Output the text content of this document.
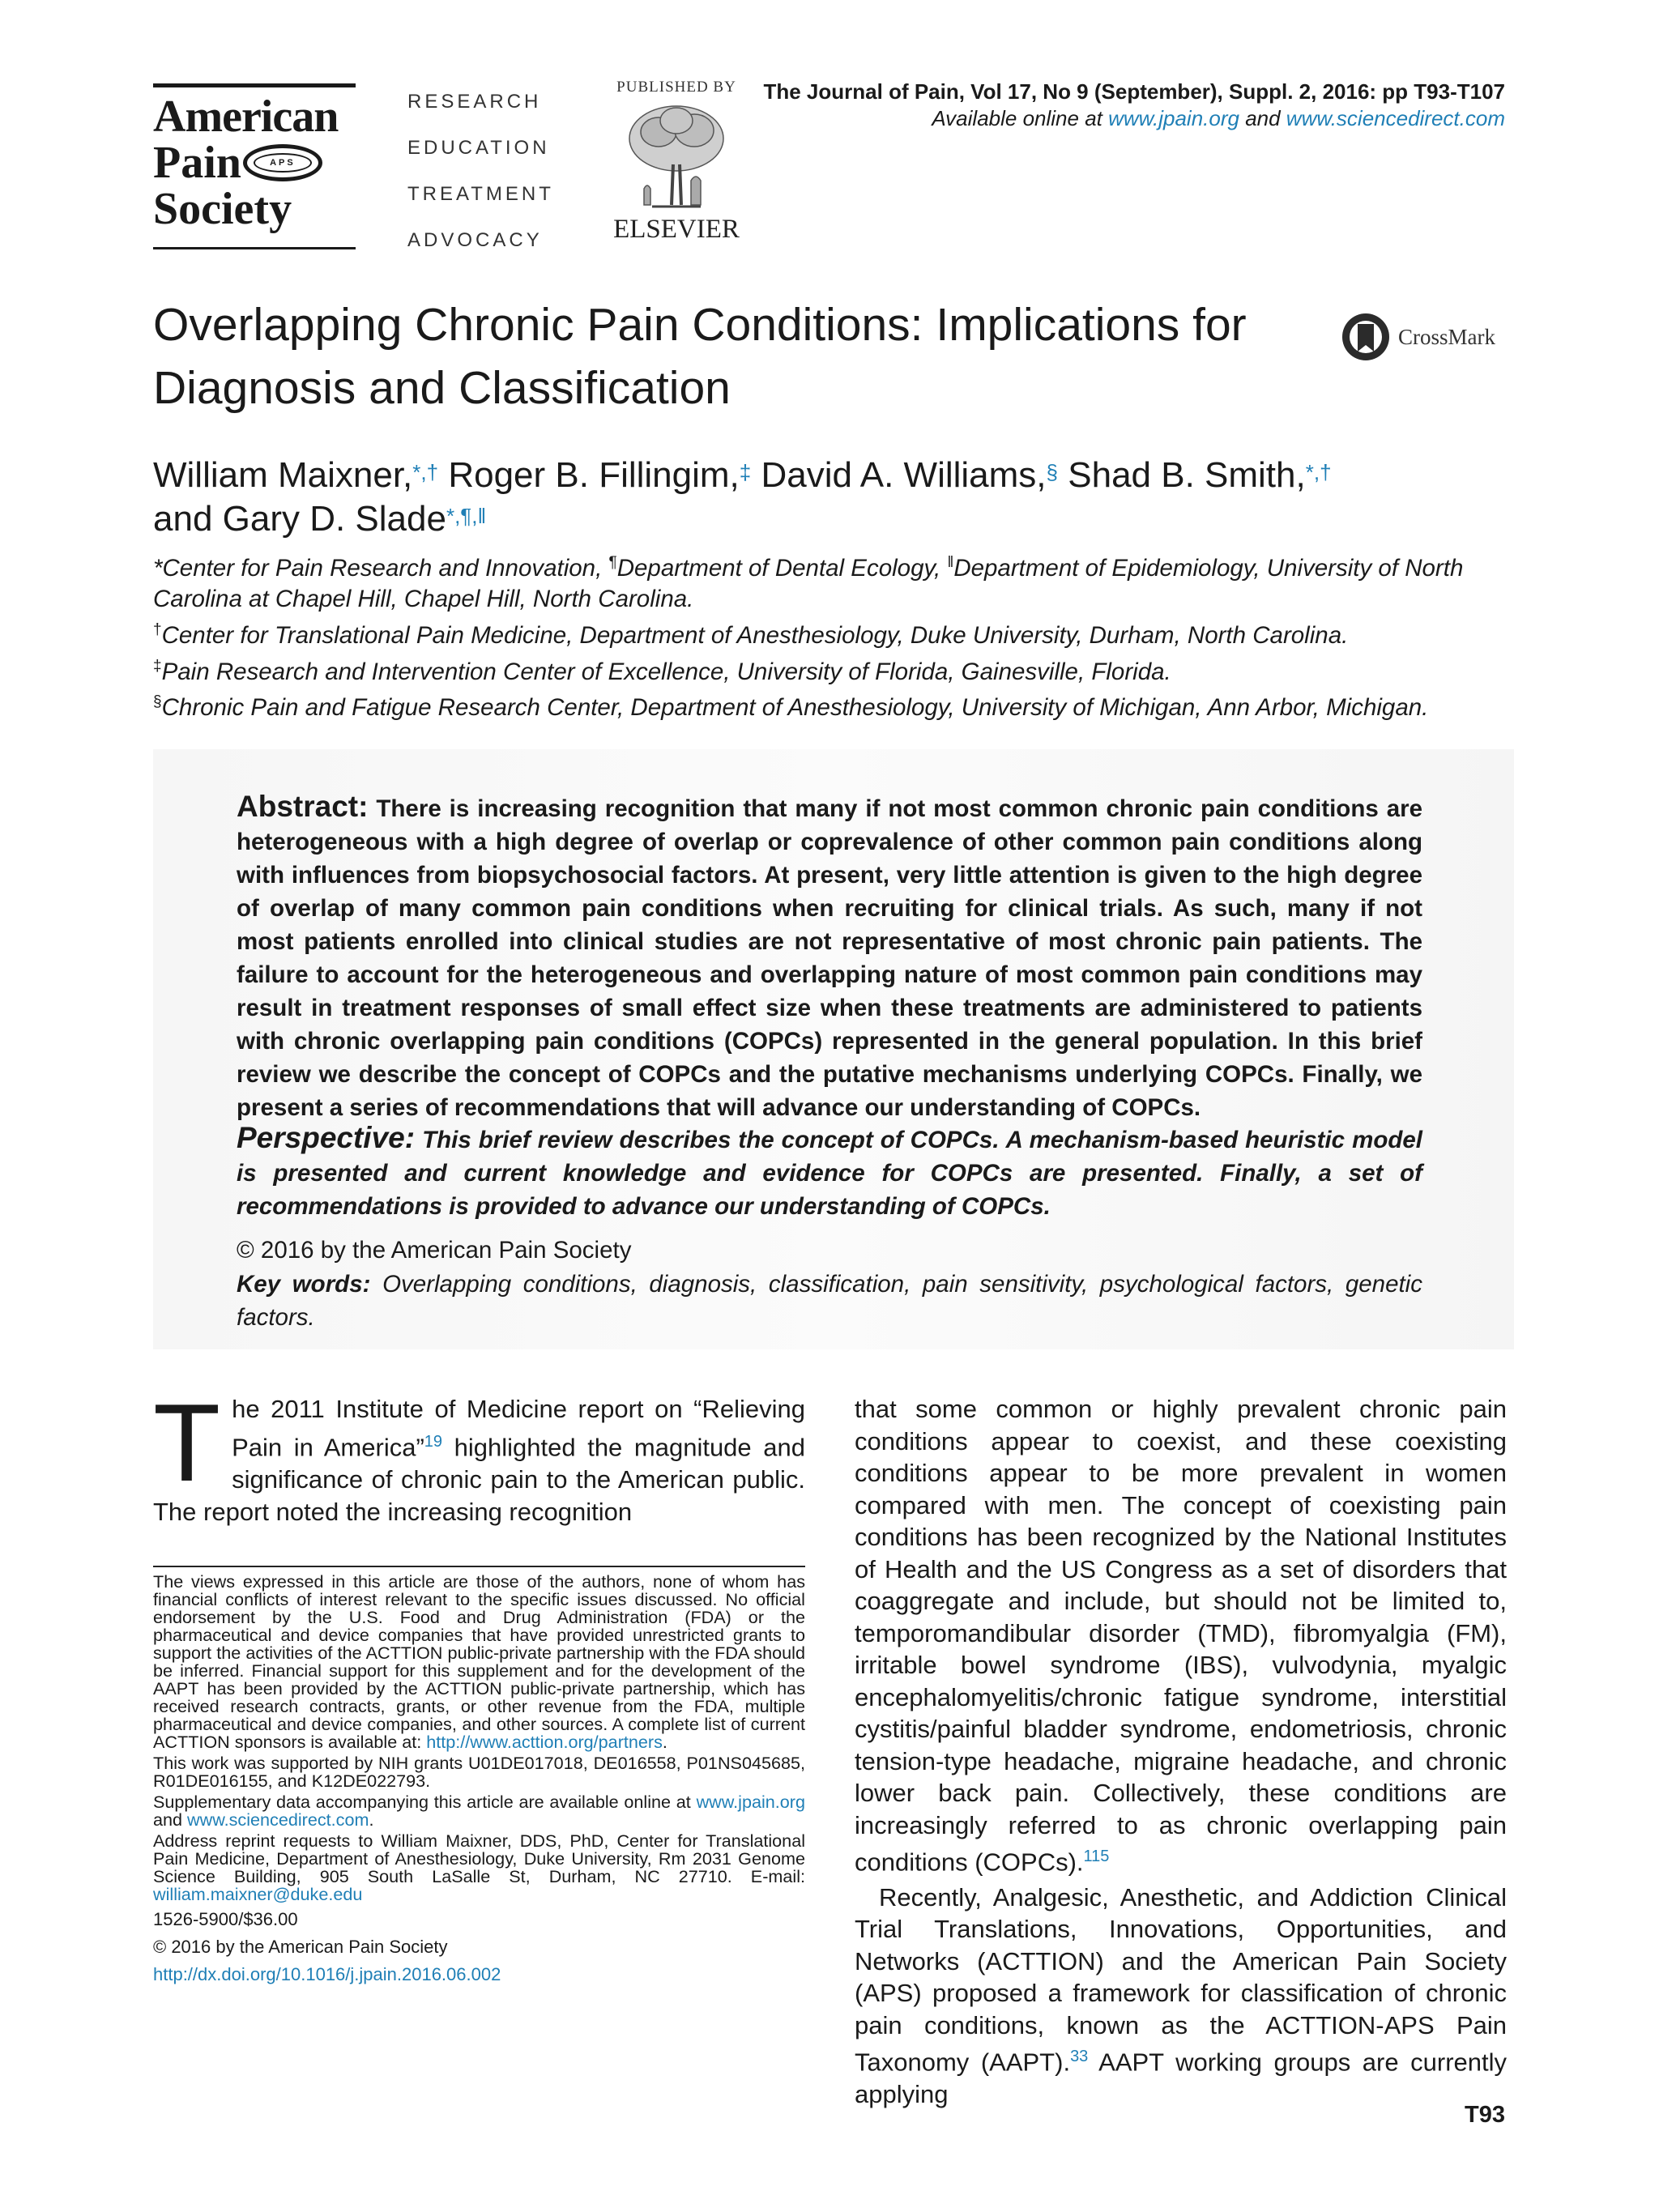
American
Pain	APS
Society
RESEARCH
EDUCATION
TREATMENT
ADVOCACY
PUBLISHED BY
ELSEVIER
The Journal of Pain, Vol 17, No 9 (September), Suppl. 2, 2016: pp T93-T107
Available online at www.jpain.org and www.sciencedirect.com
Overlapping Chronic Pain Conditions: Implications for Diagnosis and Classification
CrossMark
William Maixner,*,† Roger B. Fillingim,‡ David A. Williams,§ Shad B. Smith,*,†
and Gary D. Slade*,¶,‖
*Center for Pain Research and Innovation, ¶Department of Dental Ecology, ‖Department of Epidemiology, University of North Carolina at Chapel Hill, Chapel Hill, North Carolina.
†Center for Translational Pain Medicine, Department of Anesthesiology, Duke University, Durham, North Carolina.
‡Pain Research and Intervention Center of Excellence, University of Florida, Gainesville, Florida.
§Chronic Pain and Fatigue Research Center, Department of Anesthesiology, University of Michigan, Ann Arbor, Michigan.
Abstract: There is increasing recognition that many if not most common chronic pain conditions are heterogeneous with a high degree of overlap or coprevalence of other common pain conditions along with influences from biopsychosocial factors. At present, very little attention is given to the high degree of overlap of many common pain conditions when recruiting for clinical trials. As such, many if not most patients enrolled into clinical studies are not representative of most chronic pain patients. The failure to account for the heterogeneous and overlapping nature of most common pain conditions may result in treatment responses of small effect size when these treatments are administered to patients with chronic overlapping pain conditions (COPCs) represented in the general population. In this brief review we describe the concept of COPCs and the putative mechanisms underlying COPCs. Finally, we present a series of recommendations that will advance our understanding of COPCs.
Perspective: This brief review describes the concept of COPCs. A mechanism-based heuristic model is presented and current knowledge and evidence for COPCs are presented. Finally, a set of recommendations is provided to advance our understanding of COPCs.
© 2016 by the American Pain Society
Key words: Overlapping conditions, diagnosis, classification, pain sensitivity, psychological factors, genetic factors.
The 2011 Institute of Medicine report on “Relieving Pain in America”$^{19}$ highlighted the magnitude and significance of chronic pain to the American public. The report noted the increasing recognition

The views expressed in this article are those of the authors, none of whom has financial conflicts of interest relevant to the specific issues discussed. No official endorsement by the U.S. Food and Drug Administration (FDA) or the pharmaceutical and device companies that have provided unrestricted grants to support the activities of the ACTTION public-private partnership with the FDA should be inferred. Financial support for this supplement and for the development of the AAPT has been provided by the ACTTION public-private partnership, which has received research contracts, grants, or other revenue from the FDA, multiple pharmaceutical and device companies, and other sources. A complete list of current ACTTION sponsors is available at: http://www.acttion.org/partners.

This work was supported by NIH grants U01DE017018, DE016558, P01NS045685, R01DE016155, and K12DE022793.

Supplementary data accompanying this article are available online at www.jpain.org and www.sciencedirect.com.

Address reprint requests to William Maixner, DDS, PhD, Center for Translational Pain Medicine, Department of Anesthesiology, Duke University, Rm 2031 Genome Science Building, 905 South LaSalle St, Durham, NC 27710. E-mail: william.maixner@duke.edu

1526-5900/$36.00

© 2016 by the American Pain Society

http://dx.doi.org/10.1016/j.jpain.2016.06.002

that some common or highly prevalent chronic pain conditions appear to coexist, and these coexisting conditions appear to be more prevalent in women compared with men. The concept of coexisting pain conditions has been recognized by the National Institutes of Health and the US Congress as a set of disorders that coaggregate and include, but should not be limited to, temporomandibular disorder (TMD), fibromyalgia (FM), irritable bowel syndrome (IBS), vulvodynia, myalgic encephalomyelitis/chronic fatigue syndrome, interstitial cystitis/painful bladder syndrome, endometriosis, chronic tension-type headache, migraine headache, and chronic lower back pain. Collectively, these conditions are increasingly referred to as chronic overlapping pain conditions (COPCs).$^{115}$

Recently, Analgesic, Anesthetic, and Addiction Clinical Trial Translations, Innovations, Opportunities, and Networks (ACTTION) and the American Pain Society (APS) proposed a framework for classification of chronic pain conditions, known as the ACTTION-APS Pain Taxonomy (AAPT).$^{33}$ AAPT working groups are currently applying

T93
